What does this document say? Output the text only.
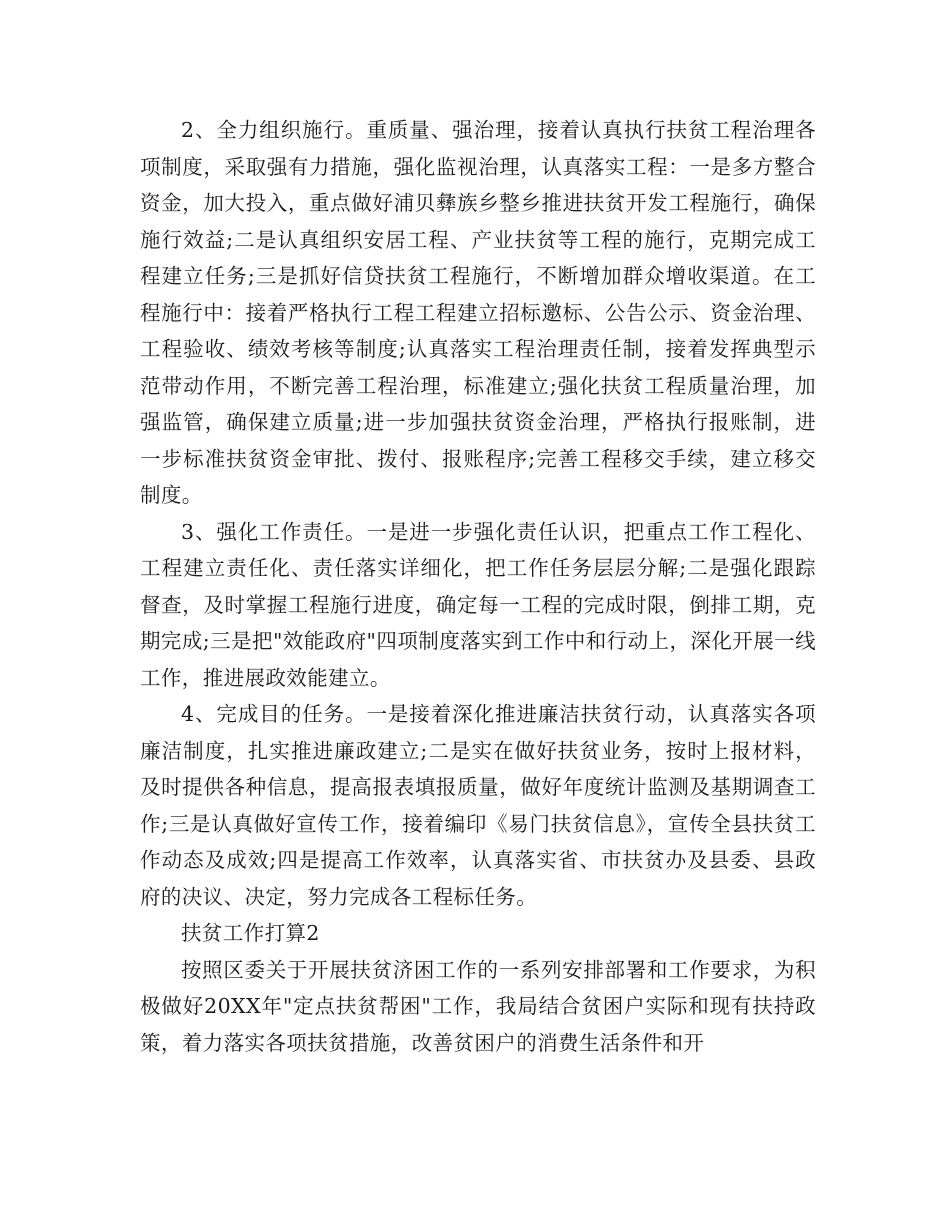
2、全力组织施行。重质量、强治理，接着认真执行扶贫工程治理各项制度，采取强有力措施，强化监视治理，认真落实工程：一是多方整合资金，加大投入，重点做好浦贝彝族乡整乡推进扶贫开发工程施行，确保施行效益;二是认真组织安居工程、产业扶贫等工程的施行，克期完成工程建立任务;三是抓好信贷扶贫工程施行，不断增加群众增收渠道。在工程施行中：接着严格执行工程工程建立招标邀标、公告公示、资金治理、工程验收、绩效考核等制度;认真落实工程治理责任制，接着发挥典型示范带动作用，不断完善工程治理，标准建立;强化扶贫工程质量治理，加强监管，确保建立质量;进一步加强扶贫资金治理，严格执行报账制，进一步标准扶贫资金审批、拨付、报账程序;完善工程移交手续，建立移交制度。

3、强化工作责任。一是进一步强化责任认识，把重点工作工程化、工程建立责任化、责任落实详细化，把工作任务层层分解;二是强化跟踪督查，及时掌握工程施行进度，确定每一工程的完成时限，倒排工期，克期完成;三是把"效能政府"四项制度落实到工作中和行动上，深化开展一线工作，推进展政效能建立。

4、完成目的任务。一是接着深化推进廉洁扶贫行动，认真落实各项廉洁制度，扎实推进廉政建立;二是实在做好扶贫业务，按时上报材料，及时提供各种信息，提高报表填报质量，做好年度统计监测及基期调查工作;三是认真做好宣传工作，接着编印《易门扶贫信息》，宣传全县扶贫工作动态及成效;四是提高工作效率，认真落实省、市扶贫办及县委、县政府的决议、决定，努力完成各工程标任务。

扶贫工作打算2

按照区委关于开展扶贫济困工作的一系列安排部署和工作要求，为积极做好20XX年"定点扶贫帮困"工作，我局结合贫困户实际和现有扶持政策，着力落实各项扶贫措施，改善贫困户的消费生活条件和开
